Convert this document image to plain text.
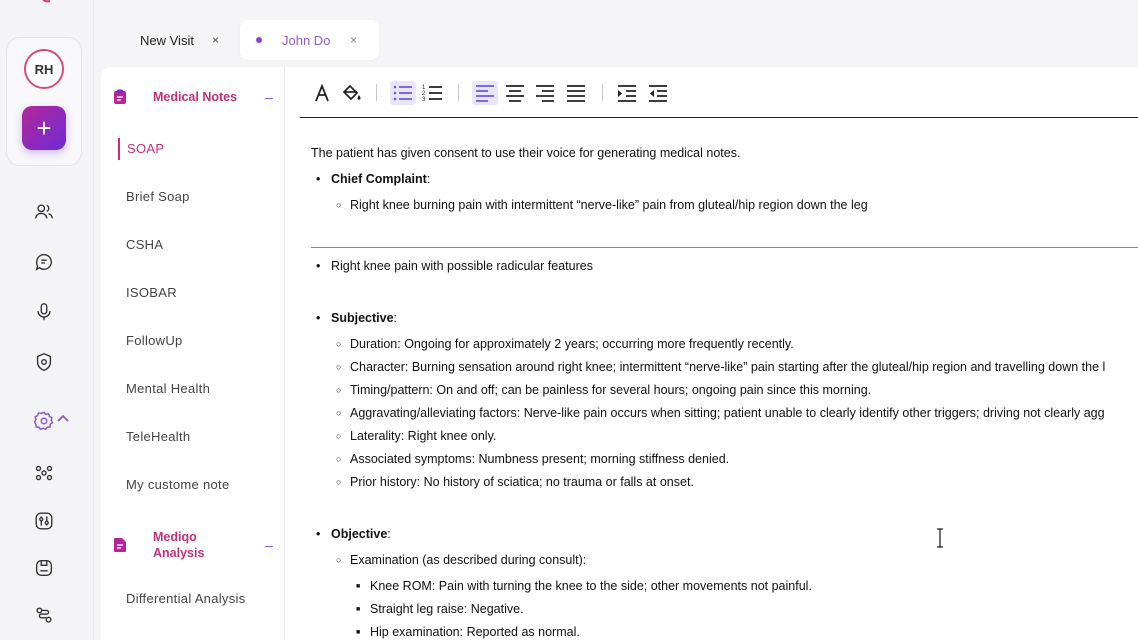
RH
+
New Visit ×	John Do ×
Medical Notes –
SOAP
Brief Soap
CSHA
ISOBAR
FollowUp
Mental Health
TeleHealth
My custome note
Mediqo
Analysis	–
Differential Analysis
1
2
3
The patient has given consent to use their voice for generating medical notes.
• Chief Complaint:
○ Right knee burning pain with intermittent “nerve-like” pain from gluteal/hip region down the leg
• Right knee pain with possible radicular features
• Subjective:
○ Duration: Ongoing for approximately 2 years; occurring more frequently recently.
○ Character: Burning sensation around right knee; intermittent “nerve-like” pain starting after the gluteal/hip region and travelling down the l
○ Timing/pattern: On and off; can be painless for several hours; ongoing pain since this morning.
○ Aggravating/alleviating factors: Nerve-like pain occurs when sitting; patient unable to clearly identify other triggers; driving not clearly agg
○ Laterality: Right knee only.
○ Associated symptoms: Numbness present; morning stiffness denied.
○ Prior history: No history of sciatica; no trauma or falls at onset.
• Objective:
○ Examination (as described during consult):
■ Knee ROM: Pain with turning the knee to the side; other movements not painful.
■ Straight leg raise: Negative.
■ Hip examination: Reported as normal.
